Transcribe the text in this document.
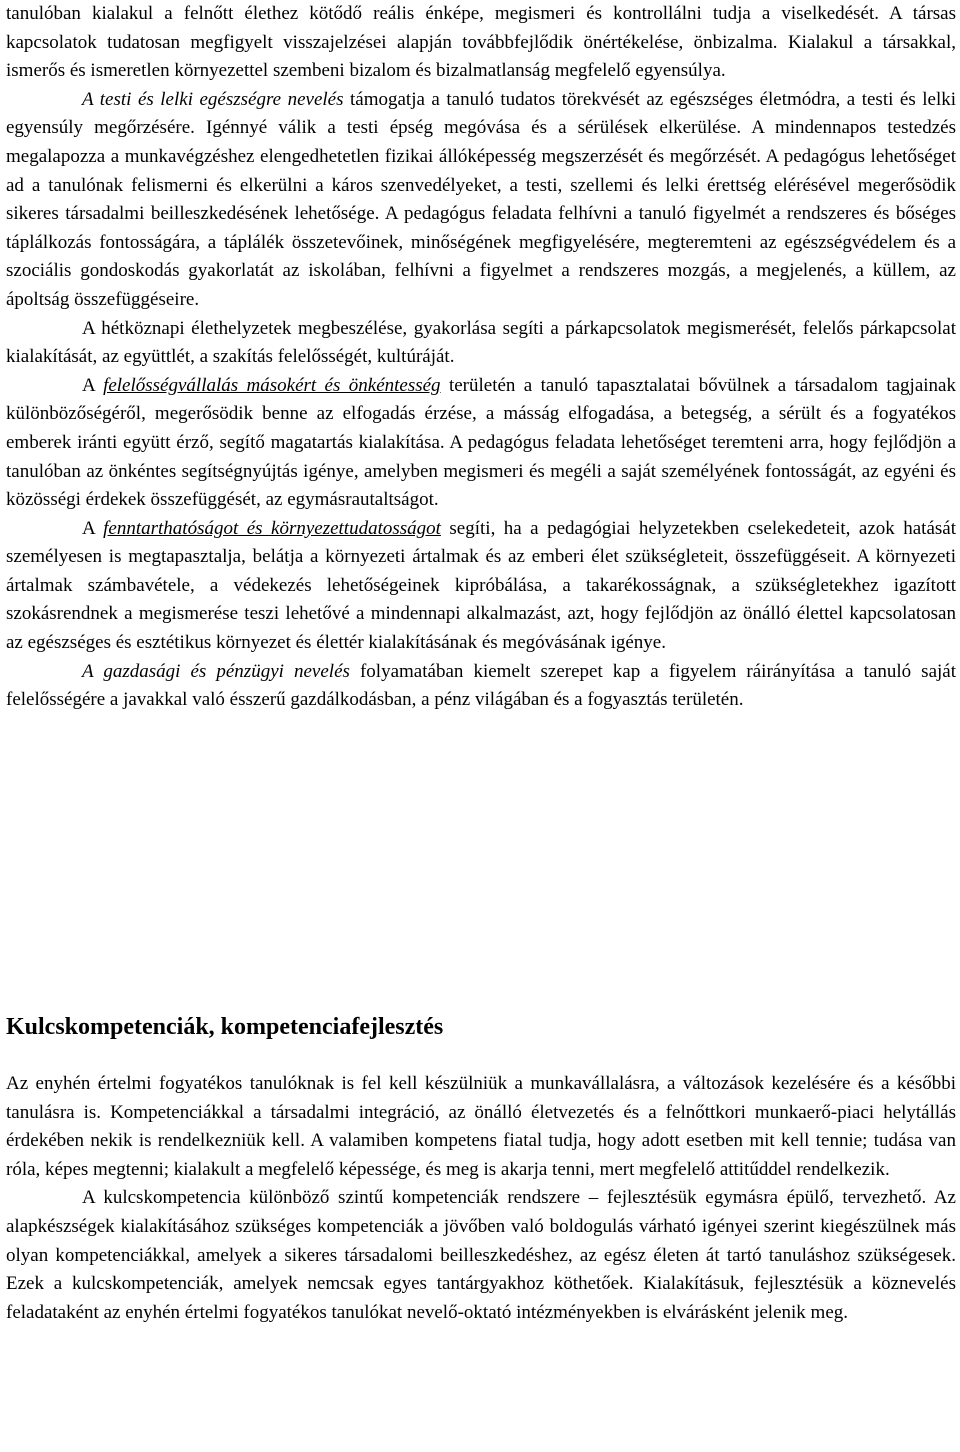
tanulóban kialakul a felnőtt élethez kötődő reális énképe, megismeri és kontrollálni tudja a viselkedését. A társas kapcsolatok tudatosan megfigyelt visszajelzései alapján továbbfejlődik önértékelése, önbizalma. Kialakul a társakkal, ismerős és ismeretlen környezettel szembeni bizalom és bizalmatlanság megfelelő egyensúlya.

A testi és lelki egészségre nevelés támogatja a tanuló tudatos törekvését az egészséges életmódra, a testi és lelki egyensúly megőrzésére. Igénnyé válik a testi épség megóvása és a sérülések elkerülése. A mindennapos testedzés megalapozza a munkavégzéshez elengedhetetlen fizikai állóképesség megszerzését és megőrzését. A pedagógus lehetőséget ad a tanulónak felismerni és elkerülni a káros szenvedélyeket, a testi, szellemi és lelki érettség elérésével megerősödik sikeres társadalmi beilleszkedésének lehetősége. A pedagógus feladata felhívni a tanuló figyelmét a rendszeres és bőséges táplálkozás fontosságára, a táplálék összetevőinek, minőségének megfigyelésére, megteremteni az egészségvédelem és a szociális gondoskodás gyakorlatát az iskolában, felhívni a figyelmet a rendszeres mozgás, a megjelenés, a küllem, az ápoltság összefüggéseire.

A hétköznapi élethelyzetek megbeszélése, gyakorlása segíti a párkapcsolatok megismerését, felelős párkapcsolat kialakítását, az együttlét, a szakítás felelősségét, kultúráját.

A felelősségvállalás másokért és önkéntesség területén a tanuló tapasztalatai bővülnek a társadalom tagjainak különbözőségéről, megerősödik benne az elfogadás érzése, a másság elfogadása, a betegség, a sérült és a fogyatékos emberek iránti együtt érző, segítő magatartás kialakítása. A pedagógus feladata lehetőséget teremteni arra, hogy fejlődjön a tanulóban az önkéntes segítségnyújtás igénye, amelyben megismeri és megéli a saját személyének fontosságát, az egyéni és közösségi érdekek összefüggését, az egymásrautaltságot.

A fenntarthatóságot és környezettudatosságot segíti, ha a pedagógiai helyzetekben cselekedeteit, azok hatását személyesen is megtapasztalja, belátja a környezeti ártalmak és az emberi élet szükségleteit, összefüggéseit. A környezeti ártalmak számbavétele, a védekezés lehetőségeinek kipróbálása, a takarékosságnak, a szükségletekhez igazított szokásrendnek a megismerése teszi lehetővé a mindennapi alkalmazást, azt, hogy fejlődjön az önálló élettel kapcsolatosan az egészséges és esztétikus környezet és élettér kialakításának és megóvásának igénye.

A gazdasági és pénzügyi nevelés folyamatában kiemelt szerepet kap a figyelem ráirányítása a tanuló saját felelősségére a javakkal való ésszerű gazdálkodásban, a pénz világában és a fogyasztás területén.

Kulcskompetenciák, kompetenciafejlesztés

Az enyhén értelmi fogyatékos tanulóknak is fel kell készülniük a munkavállalásra, a változások kezelésére és a későbbi tanulásra is. Kompetenciákkal a társadalmi integráció, az önálló életvezetés és a felnőttkori munkaerő-piaci helytállás érdekében nekik is rendelkezniük kell. A valamiben kompetens fiatal tudja, hogy adott esetben mit kell tennie; tudása van róla, képes megtenni; kialakult a megfelelő képessége, és meg is akarja tenni, mert megfelelő attitűddel rendelkezik.

A kulcskompetencia különböző szintű kompetenciák rendszere – fejlesztésük egymásra épülő, tervezhető. Az alapkészségek kialakításához szükséges kompetenciák a jövőben való boldogulás várható igényei szerint kiegészülnek más olyan kompetenciákkal, amelyek a sikeres társadalomi beilleszkedéshez, az egész életen át tartó tanuláshoz szükségesek. Ezek a kulcskompetenciák, amelyek nemcsak egyes tantárgyakhoz köthetőek. Kialakításuk, fejlesztésük a köznevelés feladataként az enyhén értelmi fogyatékos tanulókat nevelő-oktató intézményekben is elvárásként jelenik meg.
